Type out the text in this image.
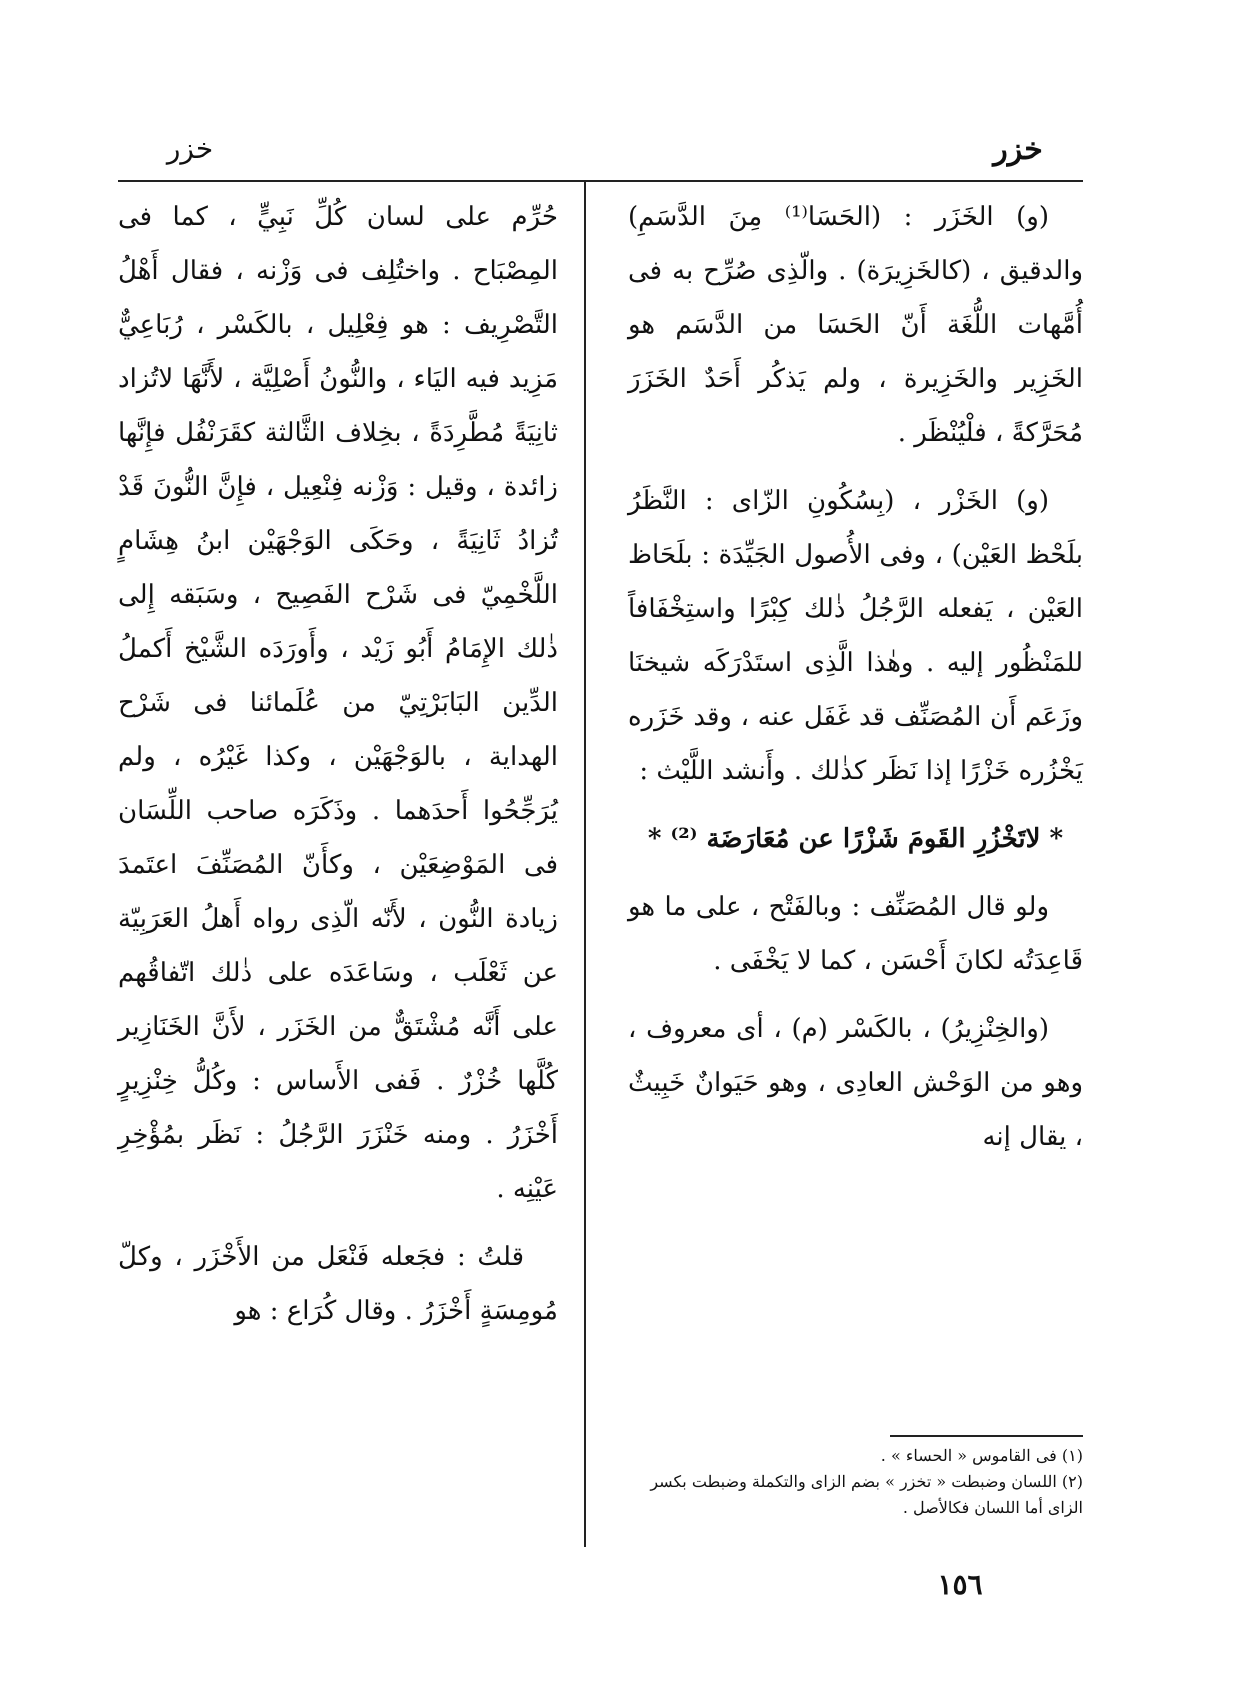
خزر
خزر

(و) الخَزَر : (الحَسَا⁽¹⁾ مِنَ الدَّسَمِ) والدقيق ، (كالخَزِيرَة) . والّذِى صُرِّح به فى أُمَّهات اللُّغَة أَنّ الحَسَا من الدَّسَم هو الخَزِير والخَزِيرة ، ولم يَذكُر أَحَدٌ الخَزَرَ مُحَرَّكةً ، فلْيُنْظَر .

(و) الخَزْر ، (بِسُكُونِ الزّاى : النَّظَرُ بلَحْظ العَيْن) ، وفى الأُصول الجَيِّدَة : بلَحَاظ العَيْن ، يَفعله الرَّجُلُ ذٰلك كِبْرًا واستِخْفَافاً للمَنْظُور إليه . وهٰذا الَّذِى استَدْرَكَه شيخنَا وزَعَم أَن المُصَنِّف قد غَفَل عنه ، وقد خَزَره يَخْزُره خَزْرًا إذا نَظَر كذٰلك . وأَنشد اللَّيْث :

* لاتَخْزُرِ القَومَ شَزْرًا عن مُعَارَضَة ⁽²⁾ *

ولو قال المُصَنِّف : وبالفَتْح ، على ما هو قَاعِدَتُه لكانَ أَحْسَن ، كما لا يَخْفَى .

(والخِنْزِيرُ) ، بالكَسْر (م) ، أى معروف ، وهو من الوَحْش العادِى ، وهو حَيَوانٌ خَبِيثٌ ، يقال إنه

حُرِّم على لسان كُلِّ نَبِيٍّ ، كما فى المِصْبَاح . واختُلِف فى وَزْنه ، فقال أَهْلُ التَّصْرِيف : هو فِعْلِيل ، بالكَسْر ، رُبَاعِيٌّ مَزِيد فيه اليَاء ، والنُّونُ أَصْلِيَّة ، لأَنَّهَا لاتُزاد ثانِيَةً مُطَّرِدَةً ، بخِلاف الثَّالثة كقَرَنْفُل فإِنَّها زائدة ، وقيل : وَزْنه فِنْعِيل ، فإِنَّ النُّونَ قَدْ تُزادُ ثَانِيَةً ، وحَكَى الوَجْهَيْن ابنُ هِشَامٍ اللَّخْمِيّ فى شَرْح الفَصِيح ، وسَبَقه إِلى ذٰلك الإِمَامُ أَبُو زَيْد ، وأَورَدَه الشَّيْخ أَكملُ الدِّين البَابَرْتِيّ من عُلَمائنا فى شَرْح الهداية ، بالوَجْهَيْن ، وكذا غَيْرُه ، ولم يُرَجِّحُوا أَحدَهما . وذَكَرَه صاحب اللِّسَان فى المَوْضِعَيْن ، وكأَنّ المُصَنِّفَ اعتَمدَ زيادة النُّون ، لأَنّه الّذِى رواه أَهلُ العَرَبِيّة عن ثَعْلَب ، وسَاعَدَه على ذٰلك اتّفاقُهم على أَنَّه مُشْتَقٌّ من الخَزَر ، لأَنَّ الخَنَازِير كُلَّها خُزْرٌ . فَفى الأَساس : وكُلُّ خِنْزِيرٍ أَخْزَرُ . ومنه خَنْزَرَ الرَّجُلُ : نَظَر بمُؤْخِرِ عَيْنِه .

قلتُ : فجَعله فَنْعَل من الأَخْزَر ، وكلّ مُومِسَةٍ أَخْزَرُ . وقال كُرَاع : هو

(١) فى القاموس « الحساء » .

(٢) اللسان وضبطت « تخزر » بضم الزاى والتكملة وضبطت بكسر الزاى أما اللسان فكالأصل .

١٥٦
